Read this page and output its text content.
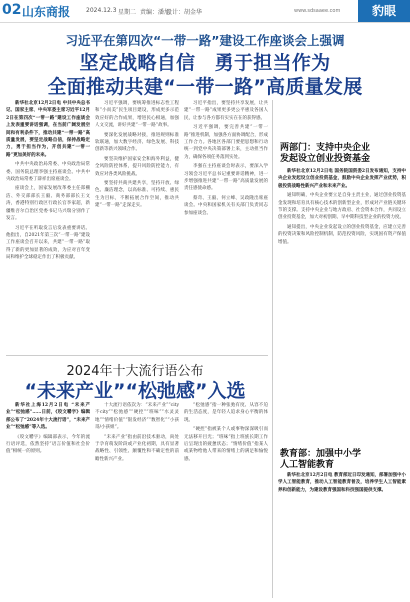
02 山东商报	2024.12.3 星期二 责编：潘旭
设计：胡金华	www.sdsaaee.com	豹眼
习近平在第四次“一带一路”建设工作座谈会上强调
坚定战略自信　勇于担当作为
全面推动共建“一带一路”高质量发展

新华社北京12月2日电 中共中央总书记、国家主席、中央军委主席习近平12月2日在第四次“一带一路”建设工作座谈会上发表重要讲话强调，在当前广阔发展空间和有利条件下，推动共建“一带一路”高质量发展，要坚定战略自信，保持战略定力，勇于担当作为，开创共建“一带一路”更加美好的未来。

中共中央政治局常委、中央政治局常委、国务院总理李强主持座谈会。中共中央政治局常委丁薛祥出席座谈会。

座谈会上，国家发展改革委主任郑栅洁、外交部部长王毅、商务部部长王文涛，香港特别行政区行政长官李家超，新疆维吾尔自治区党委书记马兴瑞分别作了发言。

习近平在听取发言后发表重要讲话。他指出，自2021年第三次“一带一路”建设工作座谈会召开以来，共建“一带一路”取得了新的更加显著的成效，为应对百年变局和维护全球稳定作出了积极贡献。

习近平强调，要统筹推进标志性工程和“小而美”民生项目建设，形成更多示范效应好的合作成果，增进民心相通，加强人文交流，讲好共建“一带一路”故事。

要深化发展战略对接，推进规则标准软联通，加大数字经济、绿色发展、科技创新等新兴领域合作。

要坚决维护国家安全和海外利益，健全风险防控体系，提升风险防控能力，有效应对各类风险挑战。

要坚持共商共建共享，坚持开放、绿色、廉洁理念，以高标准、可持续、惠民生为目标，不断拓展合作空间，推动共建“一带一路”走深走实。

习近平指出，要坚持共享发展，让共建“一带一路”成果更多更公平惠及各国人民，让参与各方都有实实在在的获得感。

习近平强调，要完善共建“一带一路”推进机制，加强各方面协调配合，形成工作合力。各地区各部门要把思想和行动统一到党中央决策部署上来，主动担当作为，确保各项任务落到实处。

李强在主持座谈会时表示，要深入学习领会习近平总书记重要讲话精神，进一步增强推进共建“一带一路”高质量发展的责任感使命感。

蔡奇、王毅、何立峰、吴政隆出席座谈会。中央和国家机关有关部门负责同志参加座谈会。

两部门：支持中央企业
发起设立创业投资基金

新华社北京12月2日电 国务院国资委2日发布通知，支持中央企业发起设立创业投资基金，鼓励中央企业发挥产业优势，积极投资战略性新兴产业和未来产业。

通知明确，中央企业要立足自身主责主业，通过创业投资基金发现和培育具有核心技术的创新型企业，形成对产业链关键环节的支撑。支持中央企业与地方政府、社会资本合作，共同设立创业投资基金，加大对初创期、早中期科技型企业的投资力度。

通知提出，中央企业发起设立的创业投资基金，应建立完善的投资决策和风险控制机制，防范投资风险，实现国有资产保值增值。

教育部：加强中小学
人工智能教育

新华社北京12月2日电 教育部近日印发通知，部署加强中小学人工智能教育，推动人工智能教育普及，培养学生人工智能素养和创新能力，为建设教育强国和科技强国提供支撑。

2024年十大流行语公布
“未来产业”“松弛感”入选

新华社上海12月2日电 “未来产业”“松弛感”……日前，《咬文嚼字》编辑部公布了“2024年十大流行语”，“未来产业”“松弛感”等入选。

《咬文嚼字》编辑部表示，今年的流行语评选，依然坚持“语言价值和社会价值”相统一的原则。

十大流行语依次为：“未来产业”“city不city”“松弛感”“硬控”“班味”“水灵灵地”“情绪价值”“银发经济”“数智化”“小孩哥/小孩姐”。

“未来产业”指由前沿技术驱动，尚处于孕育萌发阶段或产业化初期，具有显著战略性、引领性、颠覆性和不确定性的前瞻性新兴产业。

“松弛感”指一种张弛有度、从容不迫的生活态度，是年轻人追求身心平衡的体现。

“硬控”指被某个人或事物深深吸引而无法移开目光；“班味”指上班族长期工作后呈现出的疲惫状态；“情绪价值”指某人或某物给他人带来的情绪上的满足和愉悦感。
